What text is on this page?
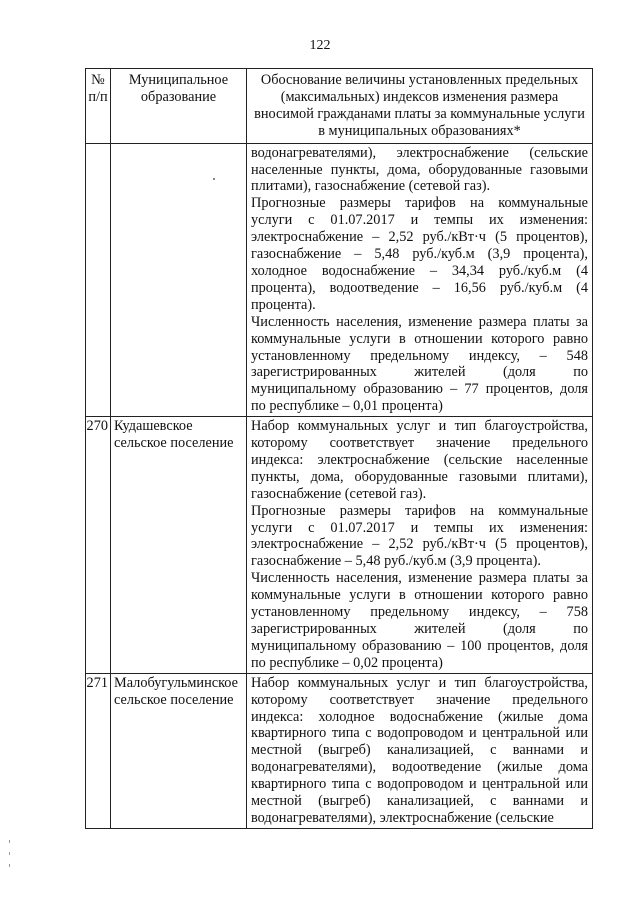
122
№ п/п	Муниципальное образование	Обоснование величины установленных предельных (максимальных) индексов изменения размера вносимой гражданами платы за коммунальные услуги в муниципальных образованиях*

		водонагревателями), электроснабжение (сельские населенные пункты, дома, оборудованные газовыми плитами), газоснабжение (сетевой газ).

Прогнозные размеры тарифов на коммунальные услуги с 01.07.2017 и темпы их изменения: электроснабжение – 2,52 руб./кВт·ч (5 процентов), газоснабжение – 5,48 руб./куб.м (3,9 процента), холодное водоснабжение – 34,34 руб./куб.м (4 процента), водоотведение – 16,56 руб./куб.м (4 процента).

Численность населения, изменение размера платы за коммунальные услуги в отношении которого равно установленному предельному индексу, – 548 зарегистрированных жителей (доля по муниципальному образованию – 77 процентов, доля по республике – 0,01 процента)

270	Кудашевское сельское поселение	Набор коммунальных услуг и тип благоустройства, которому соответствует значение предельного индекса: электроснабжение (сельские населенные пункты, дома, оборудованные газовыми плитами), газоснабжение (сетевой газ).

Прогнозные размеры тарифов на коммунальные услуги с 01.07.2017 и темпы их изменения: электроснабжение – 2,52 руб./кВт·ч (5 процентов), газоснабжение – 5,48 руб./куб.м (3,9 процента).

Численность населения, изменение размера платы за коммунальные услуги в отношении которого равно установленному предельному индексу, – 758 зарегистрированных жителей (доля по муниципальному образованию – 100 процентов, доля по республике – 0,02 процента)

271	Малобугульминское сельское поселение	Набор коммунальных услуг и тип благоустройства, которому соответствует значение предельного индекса: холодное водоснабжение (жилые дома квартирного типа с водопроводом и центральной или местной (выгреб) канализацией, с ваннами и водонагревателями), водоотведение (жилые дома квартирного типа с водопроводом и центральной или местной (выгреб) канализацией, с ваннами и водонагревателями), электроснабжение (сельские
